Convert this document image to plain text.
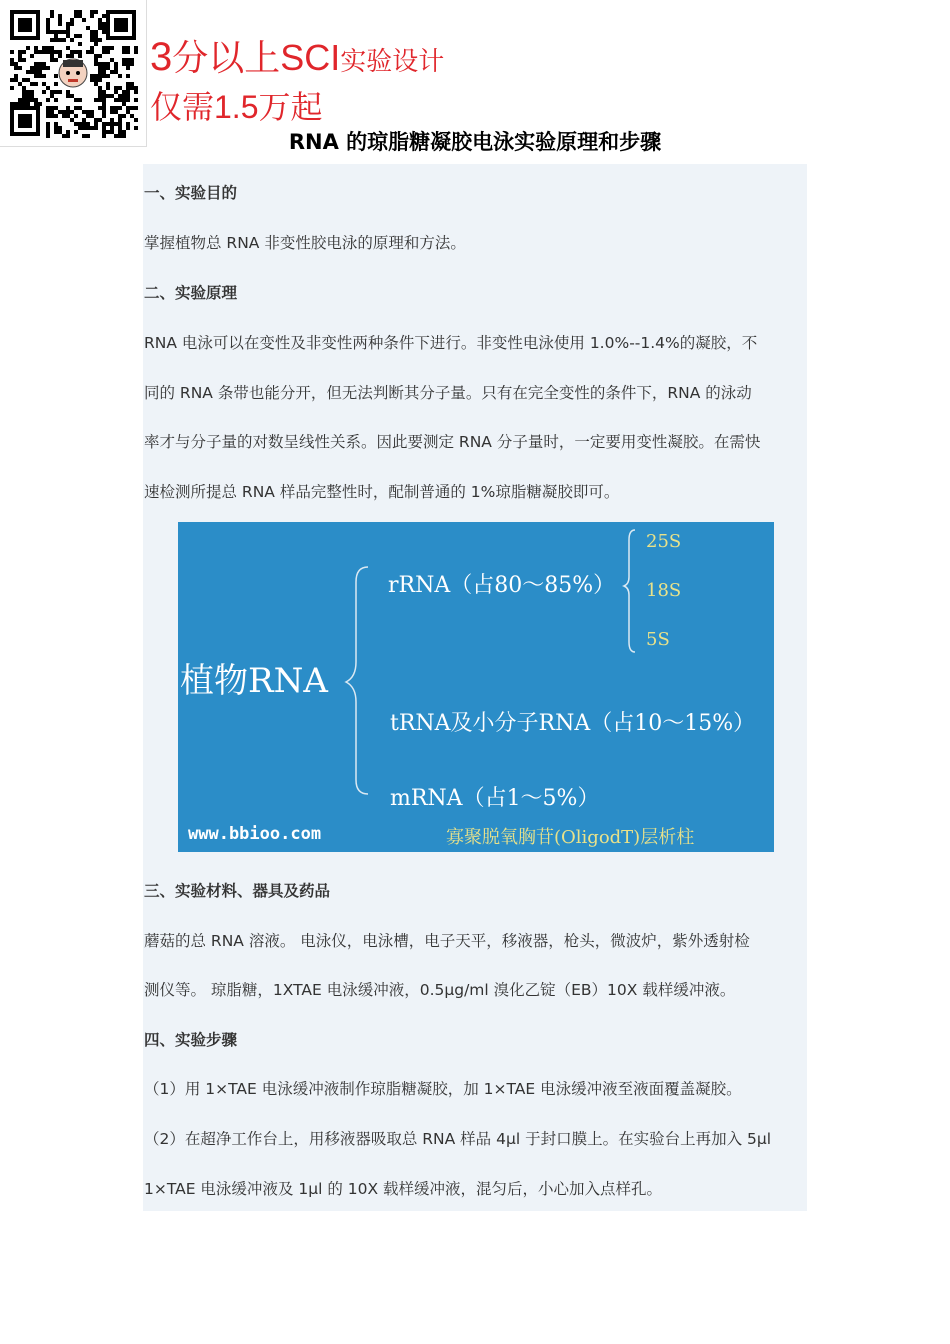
3分以上SCI实验设计
仅需1.5万起
RNA 的琼脂糖凝胶电泳实验原理和步骤
一、实验目的
掌握植物总 RNA 非变性胶电泳的原理和方法。
二、实验原理
RNA 电泳可以在变性及非变性两种条件下进行。非变性电泳使用 1.0%--1.4%的凝胶，不
同的 RNA 条带也能分开，但无法判断其分子量。只有在完全变性的条件下，RNA 的泳动
率才与分子量的对数呈线性关系。因此要测定 RNA 分子量时，一定要用变性凝胶。在需快
速检测所提总 RNA 样品完整性时，配制普通的 1%琼脂糖凝胶即可。
植物RNA
rRNA（占80～85%）
25S
18S
5S
tRNA及小分子RNA（占10～15%）
mRNA（占1～5%）
www.bbioo.com	寡聚脱氧胸苷(OligodT)层析柱
三、实验材料、器具及药品
蘑菇的总 RNA 溶液。 电泳仪，电泳槽，电子天平，移液器，枪头，微波炉，紫外透射检
测仪等。 琼脂糖，1XTAE 电泳缓冲液，0.5μg/ml 溴化乙锭（EB）10X 载样缓冲液。
四、实验步骤
（1）用 1×TAE 电泳缓冲液制作琼脂糖凝胶，加 1×TAE 电泳缓冲液至液面覆盖凝胶。
（2）在超净工作台上，用移液器吸取总 RNA 样品 4μl 于封口膜上。在实验台上再加入 5μl
1×TAE 电泳缓冲液及 1μl 的 10X 载样缓冲液，混匀后，小心加入点样孔。
